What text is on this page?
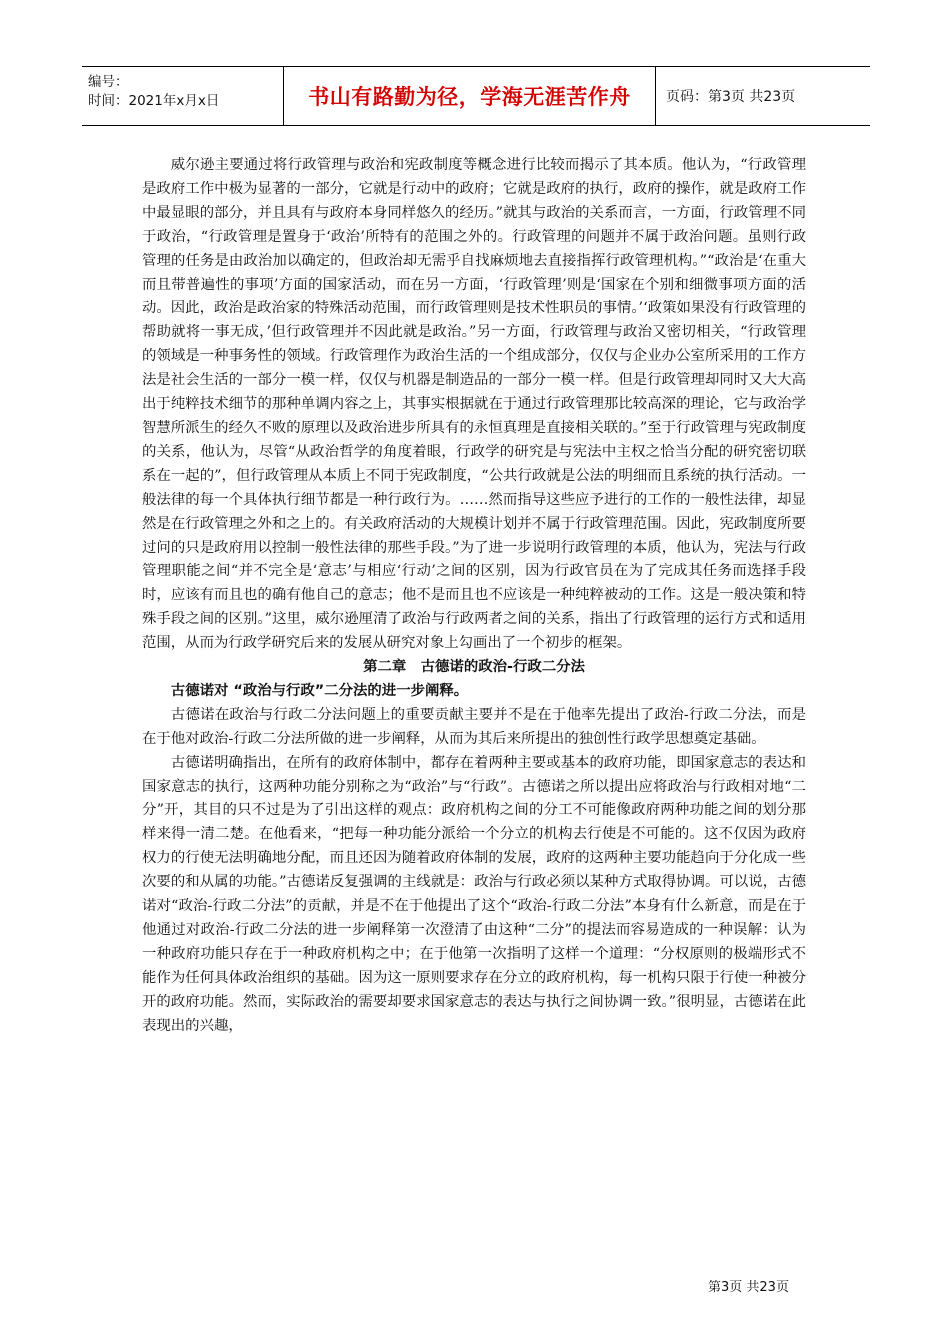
编号：
时间：2021年x月x日	书山有路勤为径，学海无涯苦作舟	页码：第3页 共23页

威尔逊主要通过将行政管理与政治和宪政制度等概念进行比较而揭示了其本质。他认为，“行政管理是政府工作中极为显著的一部分，它就是行动中的政府；它就是政府的执行，政府的操作，就是政府工作中最显眼的部分，并且具有与政府本身同样悠久的经历。”就其与政治的关系而言，一方面，行政管理不同于政治，“行政管理是置身于‘政治’所特有的范围之外的。行政管理的问题并不属于政治问题。虽则行政管理的任务是由政治加以确定的，但政治却无需乎自找麻烦地去直接指挥行政管理机构。”“政治是‘在重大而且带普遍性的事项’方面的国家活动，而在另一方面，‘行政管理’则是‘国家在个别和细微事项方面的活动。因此，政治是政治家的特殊活动范围，而行政管理则是技术性职员的事情。’‘政策如果没有行政管理的帮助就将一事无成，’但行政管理并不因此就是政治。”另一方面，行政管理与政治又密切相关，“行政管理的领域是一种事务性的领域。行政管理作为政治生活的一个组成部分，仅仅与企业办公室所采用的工作方法是社会生活的一部分一模一样，仅仅与机器是制造品的一部分一模一样。但是行政管理却同时又大大高出于纯粹技术细节的那种单调内容之上，其事实根据就在于通过行政管理那比较高深的理论，它与政治学智慧所派生的经久不败的原理以及政治进步所具有的永恒真理是直接相关联的。”至于行政管理与宪政制度的关系，他认为，尽管“从政治哲学的角度着眼，行政学的研究是与宪法中主权之恰当分配的研究密切联系在一起的”，但行政管理从本质上不同于宪政制度，“公共行政就是公法的明细而且系统的执行活动。一般法律的每一个具体执行细节都是一种行政行为。……然而指导这些应予进行的工作的一般性法律，却显然是在行政管理之外和之上的。有关政府活动的大规模计划并不属于行政管理范围。因此，宪政制度所要过问的只是政府用以控制一般性法律的那些手段。”为了进一步说明行政管理的本质，他认为，宪法与行政管理职能之间“并不完全是‘意志’与相应‘行动’之间的区别，因为行政官员在为了完成其任务而选择手段时，应该有而且也的确有他自己的意志；他不是而且也不应该是一种纯粹被动的工作。这是一般决策和特殊手段之间的区别。”这里，威尔逊厘清了政治与行政两者之间的关系，指出了行政管理的运行方式和适用范围，从而为行政学研究后来的发展从研究对象上勾画出了一个初步的框架。

第二章　古德诺的政治-行政二分法
古德诺对 “政治与行政”二分法的进一步阐释。

古德诺在政治与行政二分法问题上的重要贡献主要并不是在于他率先提出了政治-行政二分法，而是在于他对政治-行政二分法所做的进一步阐释，从而为其后来所提出的独创性行政学思想奠定基础。

古德诺明确指出，在所有的政府体制中，都存在着两种主要或基本的政府功能，即国家意志的表达和国家意志的执行，这两种功能分别称之为“政治”与“行政”。古德诺之所以提出应将政治与行政相对地“二分”开，其目的只不过是为了引出这样的观点：政府机构之间的分工不可能像政府两种功能之间的划分那样来得一清二楚。在他看来，“把每一种功能分派给一个分立的机构去行使是不可能的。这不仅因为政府权力的行使无法明确地分配，而且还因为随着政府体制的发展，政府的这两种主要功能趋向于分化成一些次要的和从属的功能。”古德诺反复强调的主线就是：政治与行政必须以某种方式取得协调。可以说，古德诺对“政治-行政二分法”的贡献，并是不在于他提出了这个“政治-行政二分法”本身有什么新意，而是在于他通过对政治-行政二分法的进一步阐释第一次澄清了由这种“二分”的提法而容易造成的一种误解：认为一种政府功能只存在于一种政府机构之中；在于他第一次指明了这样一个道理：“分权原则的极端形式不能作为任何具体政治组织的基础。因为这一原则要求存在分立的政府机构，每一机构只限于行使一种被分开的政府功能。然而，实际政治的需要却要求国家意志的表达与执行之间协调一致。”很明显，古德诺在此表现出的兴趣，

第3页 共23页
